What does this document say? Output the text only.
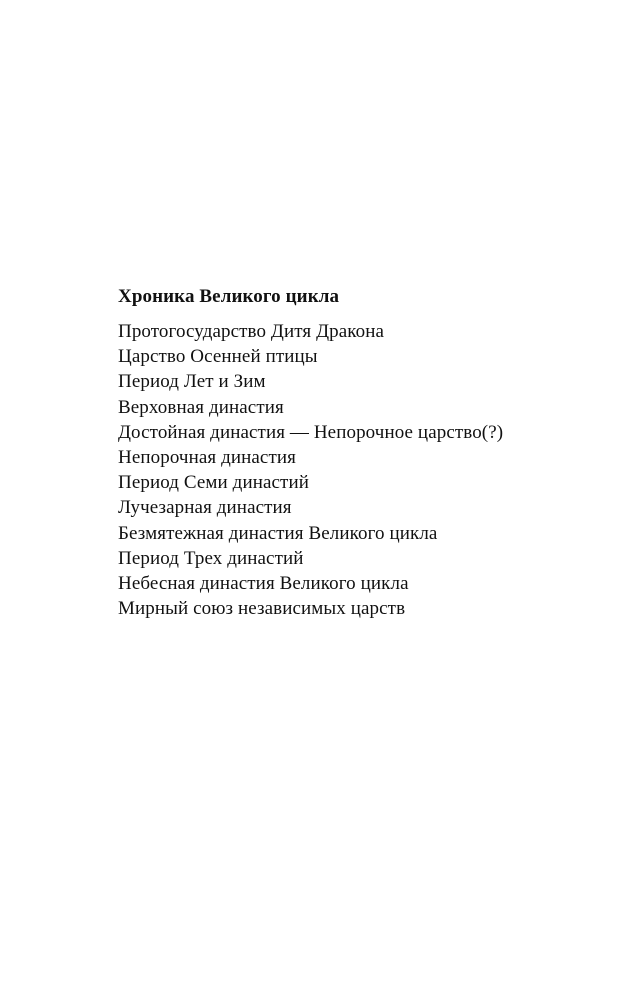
Хроника Великого цикла
Протогосударство Дитя Дракона
Царство Осенней птицы
Период Лет и Зим
Верховная династия
Достойная династия — Непорочное царство(?)
Непорочная династия
Период Семи династий
Лучезарная династия
Безмятежная династия Великого цикла
Период Трех династий
Небесная династия Великого цикла
Мирный союз независимых царств
